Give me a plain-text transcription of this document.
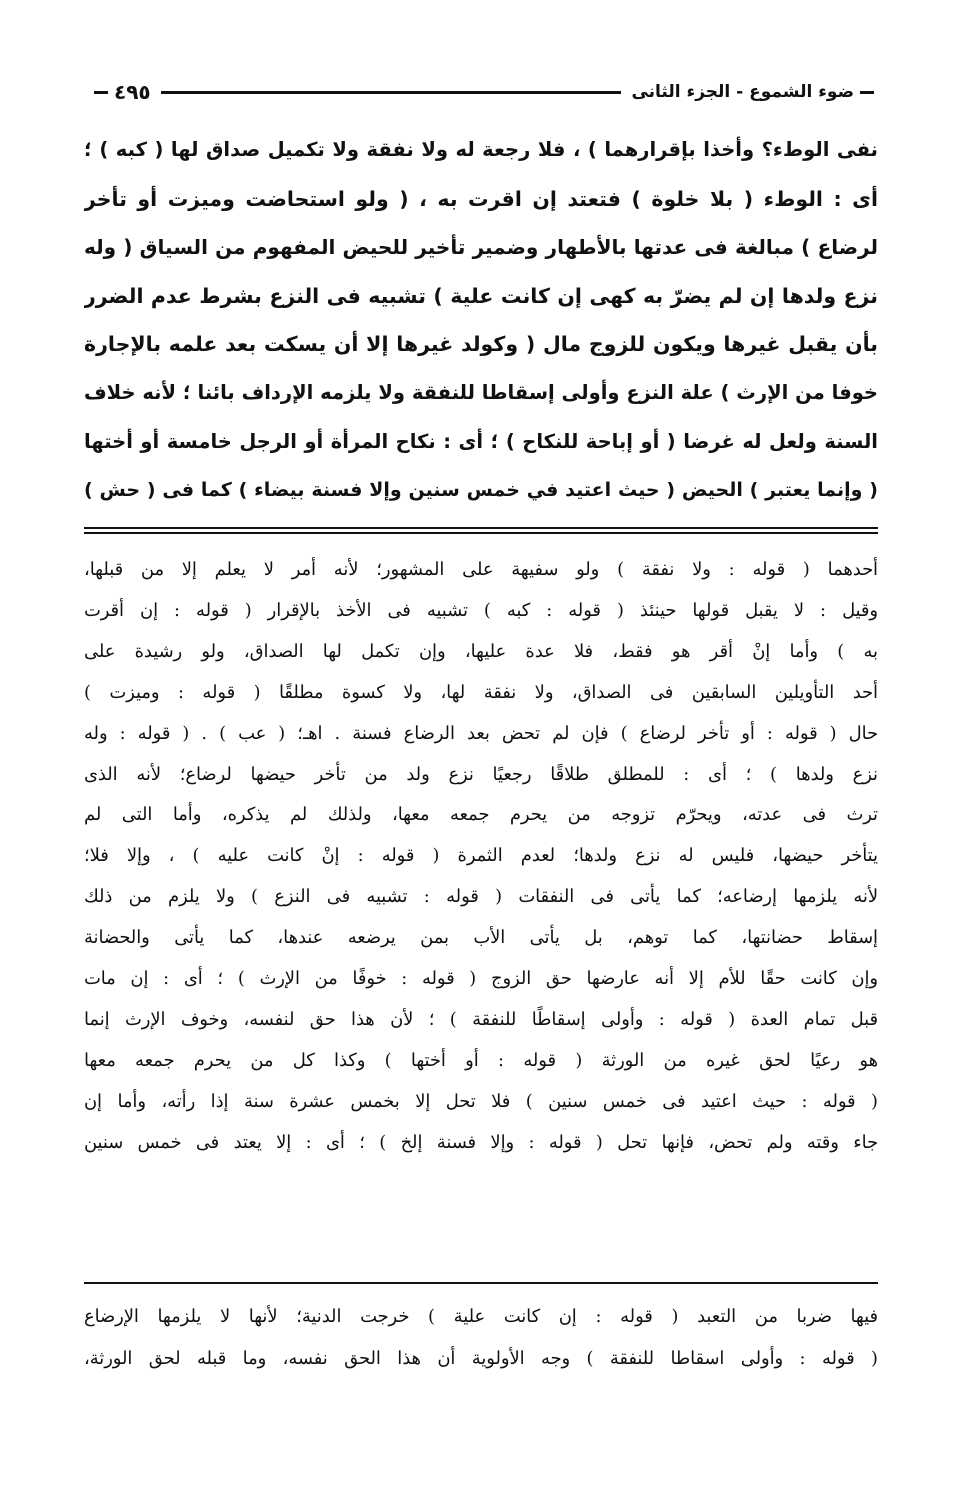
ضوء الشموع - الجزء الثانى
٤٩٥
نفى الوطء؟ وأخذا بإقرارهما ) ، فلا رجعة له ولا نفقة ولا تكميل صداق لها ( كبه ) ؛
أى : الوطء ( بلا خلوة ) فتعتد إن اقرت به ، ( ولو استحاضت وميزت أو تأخر
لرضاع ) مبالغة فى عدتها بالأطهار وضمير تأخير للحيض المفهوم من السياق ( وله
نزع ولدها إن لم يضرّ به كهى إن كانت علية ) تشبيه فى النزع بشرط عدم الضرر
بأن يقبل غيرها ويكون للزوج مال ( وكولد غيرها إلا أن يسكت بعد علمه بالإجارة
خوفا من الإرث ) علة النزع وأولى إسقاطا للنفقة ولا يلزمه الإرداف بائنا ؛ لأنه خلاف
السنة ولعل له غرضا ( أو إباحة للنكاح ) ؛ أى : نكاح المرأة أو الرجل خامسة أو أختها
( وإنما يعتبر ) الحيض ( حيث اعتيد في خمس سنين وإلا فسنة بيضاء ) كما فى ( حش )
أحدهما ( قوله : ولا نفقة ) ولو سفيهة على المشهور؛ لأنه أمر لا يعلم إلا من قبلها،
وقيل : لا يقبل قولها حينئذ ( قوله : كبه ) تشبيه فى الأخذ بالإقرار ( قوله : إن أقرت
به ) وأما إنْ أقر هو فقط، فلا عدة عليها، وإن تكمل لها الصداق، ولو رشيدة على
أحد التأويلين السابقين فى الصداق، ولا نفقة لها، ولا كسوة مطلقًا ( قوله : وميزت )
حال ( قوله : أو تأخر لرضاع ) فإن لم تحض بعد الرضاع فسنة . اهـ؛ ( عب ) . ( قوله : وله
نزع ولدها ) ؛ أى : للمطلق طلاقًا رجعيًا نزع ولد من تأخر حيضها لرضاع؛ لأنه الذى
ترث فى عدته، ويحرّم تزوجه من يحرم جمعه معها، ولذلك لم يذكره، وأما التى لم
يتأخر حيضها، فليس له نزع ولدها؛ لعدم الثمرة ( قوله : إنْ كانت عليه ) ، وإلا فلا؛
لأنه يلزمها إرضاعه؛ كما يأتى فى النفقات ( قوله : تشبيه فى النزع ) ولا يلزم من ذلك
إسقاط حضانتها، كما توهم، بل يأتى الأب بمن يرضعه عندها، كما يأتى والحضانة
وإن كانت حقًا للأم إلا أنه عارضها حق الزوج ( قوله : خوفًا من الإرث ) ؛ أى : إن مات
قبل تمام العدة ( قوله : وأولى إسقاطًا للنفقة ) ؛ لأن هذا حق لنفسه، وخوف الإرث إنما
هو رعيًا لحق غيره من الورثة ( قوله : أو أختها ) وكذا كل من يحرم جمعه معها
( قوله : حيث اعتيد فى خمس سنين ) فلا تحل إلا بخمس عشرة سنة إذا رأته، وأما إن
جاء وقته ولم تحض، فإنها تحل ( قوله : وإلا فسنة إلخ ) ؛ أى : إلا يعتد فى خمس سنين
فيها ضربا من التعبد ( قوله : إن كانت علية ) خرجت الدنية؛ لأنها لا يلزمها الإرضاع
( قوله : وأولى اسقاطا للنفقة ) وجه الأولوية أن هذا الحق نفسه، وما قبله لحق الورثة،
